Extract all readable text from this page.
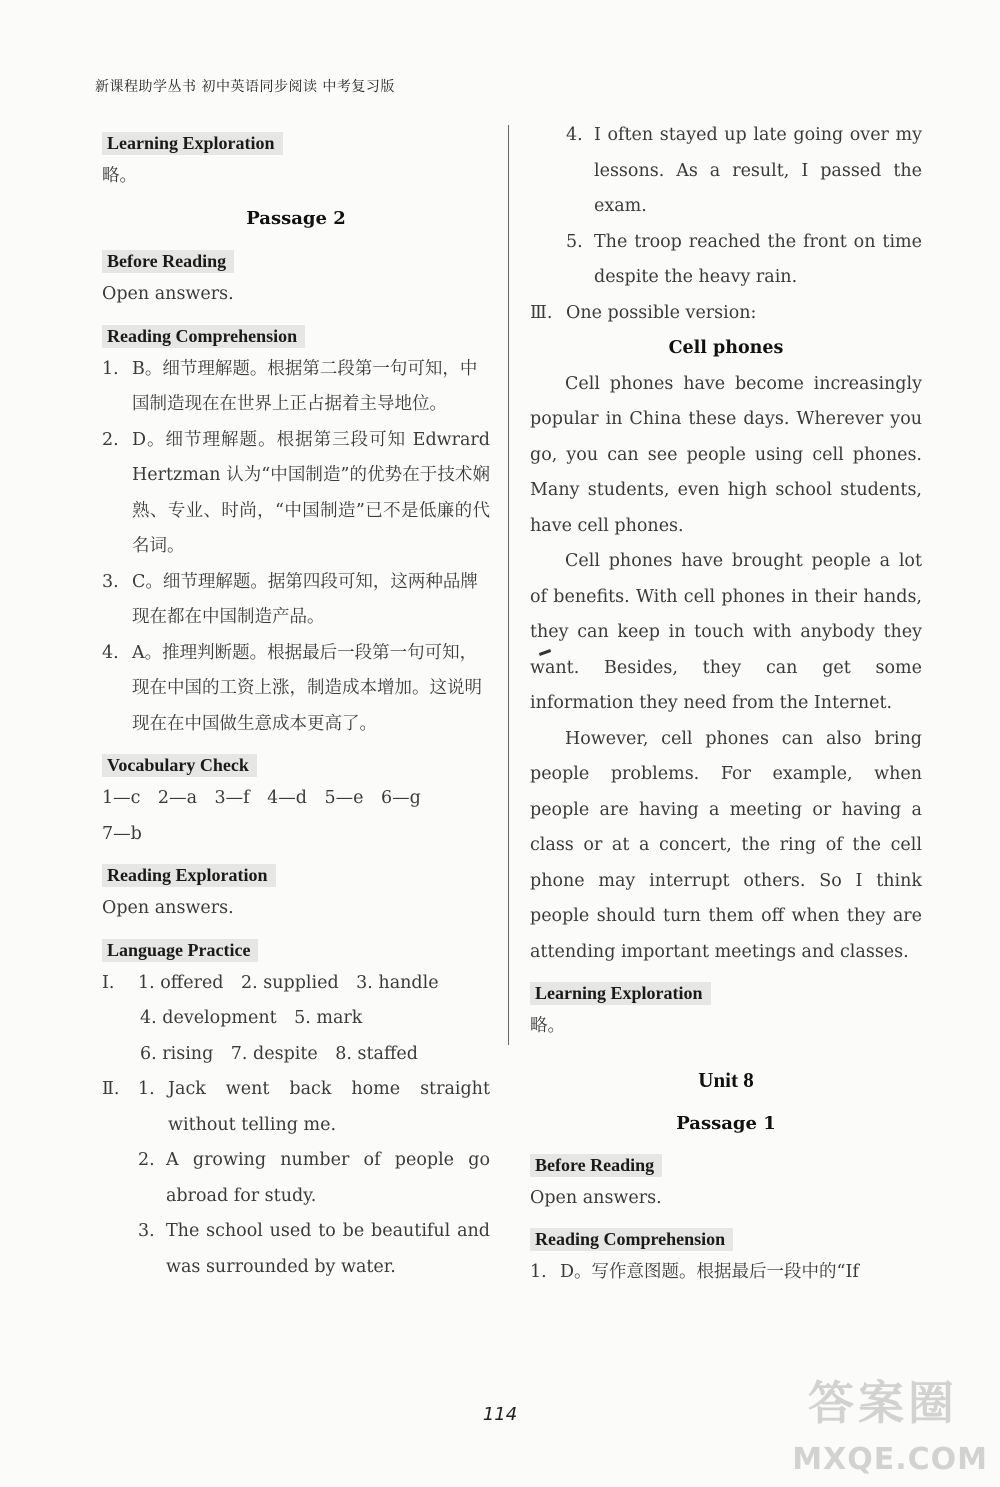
新课程助学丛书 初中英语同步阅读 中考复习版
Learning Exploration

略。

Passage 2

Before Reading

Open answers.

Reading Comprehension
1. B。细节理解题。根据第二段第一句可知，中国制造现在在世界上正占据着主导地位。
2. D。细节理解题。根据第三段可知 Edwrard Hertzman 认为“中国制造”的优势在于技术娴熟、专业、时尚，“中国制造”已不是低廉的代名词。
3. C。细节理解题。据第四段可知，这两种品牌现在都在中国制造产品。
4. A。推理判断题。根据最后一段第一句可知，现在中国的工资上涨，制造成本增加。这说明现在在中国做生意成本更高了。
Vocabulary Check

1—c　2—a　3—f　4—d　5—e　6—g

7—b

Reading Exploration

Open answers.

Language Practice
Ⅰ.	1. offered　2. supplied　3. handle

4. development　5. mark

6. rising　7. despite　8. staffed

Ⅱ.	1. Jack went back home straight without telling me.
2. A growing number of people go abroad for study.
3. The school used to be beautiful and was surrounded by water.
4. I often stayed up late going over my lessons. As a result, I passed the exam.
5. The troop reached the front on time despite the heavy rain.
Ⅲ. One possible version:

Cell phones

Cell phones have become increasingly popular in China these days. Wherever you go, you can see people using cell phones. Many students, even high school students, have cell phones.

Cell phones have brought people a lot of benefits. With cell phones in their hands, they can keep in touch with anybody they want. Besides, they can get some information they need from the Internet.

However, cell phones can also bring people problems. For example, when people are having a meeting or having a class or at a concert, the ring of the cell phone may interrupt others. So I think people should turn them off when they are attending important meetings and classes.

Learning Exploration

略。

Unit 8

Passage 1

Before Reading

Open answers.

Reading Comprehension
1. D。写作意图题。根据最后一段中的“If
114	答案圈
MXQE.COM
